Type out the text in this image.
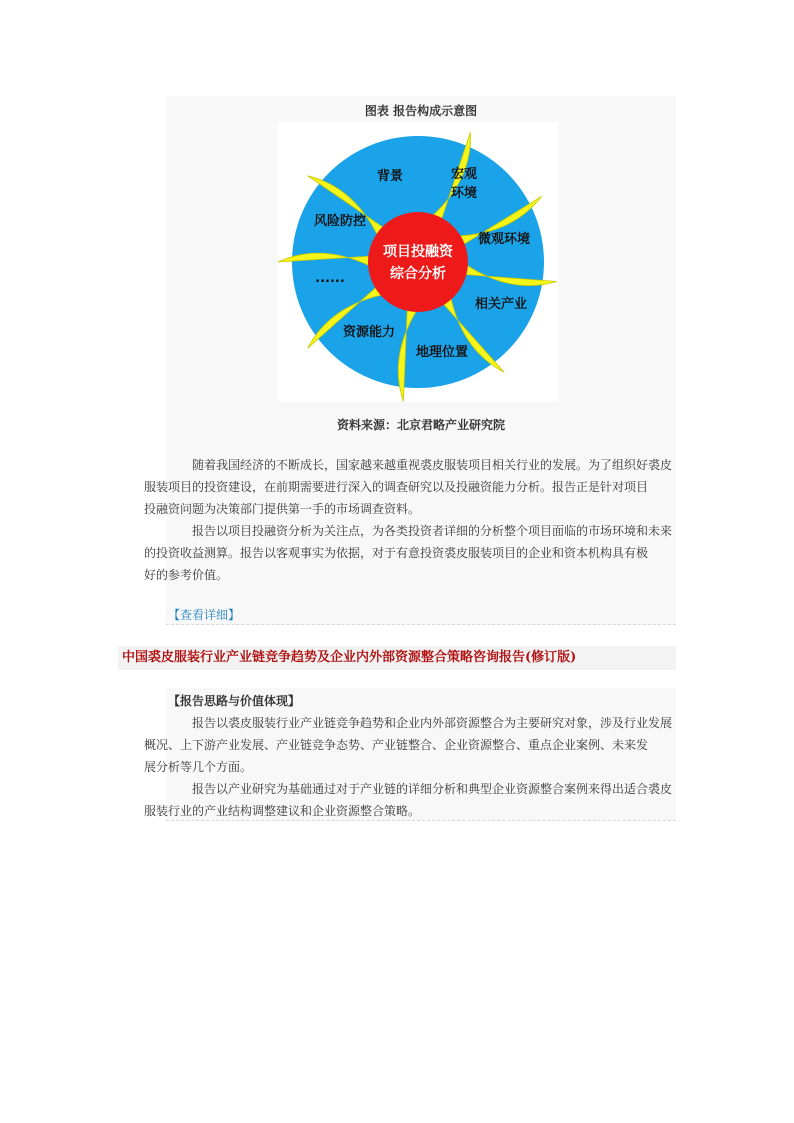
图表 报告构成示意图
项目投融资
综合分析
背景	宏观
环境
微观环境
相关产业
地理位置
资源能力
......
风险防控
资料来源：北京君略产业研究院

随着我国经济的不断成长，国家越来越重视裘皮服装项目相关行业的发展。为了组织好裘皮
服装项目的投资建设，在前期需要进行深入的调查研究以及投融资能力分析。报告正是针对项目
投融资问题为决策部门提供第一手的市场调查资料。

报告以项目投融资分析为关注点，为各类投资者详细的分析整个项目面临的市场环境和未来
的投资收益测算。报告以客观事实为依据，对于有意投资裘皮服装项目的企业和资本机构具有极
好的参考价值。

【查看详细】
中国裘皮服装行业产业链竞争趋势及企业内外部资源整合策略咨询报告(修订版)
【报告思路与价值体现】

报告以裘皮服装行业产业链竞争趋势和企业内外部资源整合为主要研究对象，涉及行业发展
概况、上下游产业发展、产业链竞争态势、产业链整合、企业资源整合、重点企业案例、未来发
展分析等几个方面。

报告以产业研究为基础通过对于产业链的详细分析和典型企业资源整合案例来得出适合裘皮
服装行业的产业结构调整建议和企业资源整合策略。
